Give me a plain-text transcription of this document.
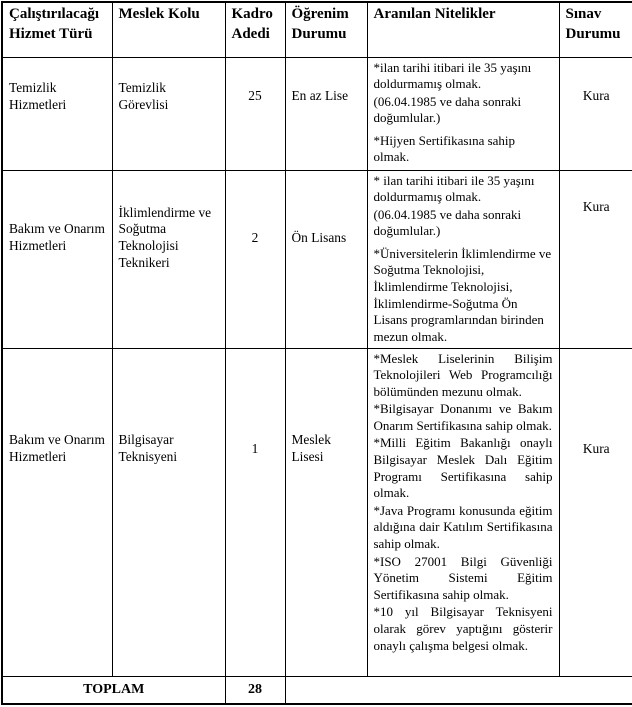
Çalıştırılacağı Hizmet Türü	Meslek Kolu	Kadro Adedi	Öğrenim Durumu	Aranılan Nitelikler	Sınav Durumu
Temizlik Hizmetleri	Temizlik Görevlisi	25	En az Lise	*ilan tarihi itibari ile 35 yaşını doldurmamış olmak.

(06.04.1985 ve daha sonraki doğumlular.)

*Hijyen Sertifikasına sahip olmak.	Kura
Bakım ve Onarım Hizmetleri	İklimlendirme ve Soğutma Teknolojisi Teknikeri	2	Ön Lisans	* ilan tarihi itibari ile 35 yaşını doldurmamış olmak.

(06.04.1985 ve daha sonraki doğumlular.)

*Üniversitelerin İklimlendirme ve Soğutma Teknolojisi, İklimlendirme Teknolojisi, İklimlendirme-Soğutma Ön Lisans programlarından birinden mezun olmak.	Kura
Bakım ve Onarım Hizmetleri	Bilgisayar Teknisyeni	1	Meslek Lisesi	

*Meslek Liselerinin Bilişim Teknolojileri Web Programcılığı bölümünden mezunu olmak.

*Bilgisayar Donanımı ve Bakım Onarım Sertifikasına sahip olmak.

*Milli Eğitim Bakanlığı onaylı Bilgisayar Meslek Dalı Eğitim Programı Sertifikasına sahip olmak.

*Java Programı konusunda eğitim aldığına dair Katılım Sertifikasına sahip olmak.

*ISO 27001 Bilgi Güvenliği Yönetim Sistemi Eğitim Sertifikasına sahip olmak.

*10 yıl Bilgisayar Teknisyeni olarak görev yaptığını gösterir onaylı çalışma belgesi olmak.

	Kura
TOPLAM		28			
